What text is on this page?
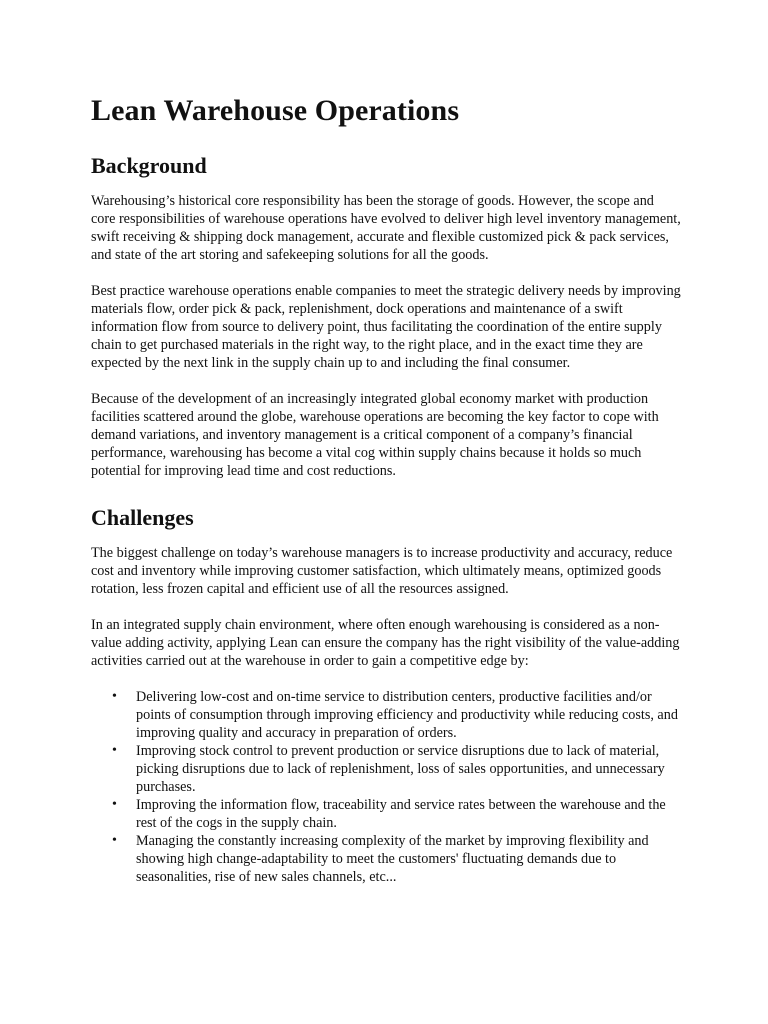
Lean Warehouse Operations
Background

Warehousing’s historical core responsibility has been the storage of goods. However, the scope and core responsibilities of warehouse operations have evolved to deliver high level inventory management, swift receiving & shipping dock management, accurate and flexible customized pick & pack services, and state of the art storing and safekeeping solutions for all the goods.

Best practice warehouse operations enable companies to meet the strategic delivery needs by improving materials flow, order pick & pack, replenishment, dock operations and maintenance of a swift information flow from source to delivery point, thus facilitating the coordination of the entire supply chain to get purchased materials in the right way, to the right place, and in the exact time they are expected by the next link in the supply chain up to and including the final consumer.

Because of the development of an increasingly integrated global economy market with production facilities scattered around the globe, warehouse operations are becoming the key factor to cope with demand variations, and inventory management is a critical component of a company’s financial performance, warehousing has become a vital cog within supply chains because it holds so much potential for improving lead time and cost reductions.

Challenges

The biggest challenge on today’s warehouse managers is to increase productivity and accuracy, reduce cost and inventory while improving customer satisfaction, which ultimately means, optimized goods rotation, less frozen capital and efficient use of all the resources assigned.

In an integrated supply chain environment, where often enough warehousing is considered as a non-value adding activity, applying Lean can ensure the company has the right visibility of the value-adding activities carried out at the warehouse in order to gain a competitive edge by:

• Delivering low-cost and on-time service to distribution centers, productive facilities and/or points of consumption through improving efficiency and productivity while reducing costs, and improving quality and accuracy in preparation of orders.
• Improving stock control to prevent production or service disruptions due to lack of material, picking disruptions due to lack of replenishment, loss of sales opportunities, and unnecessary purchases.
• Improving the information flow, traceability and service rates between the warehouse and the rest of the cogs in the supply chain.
• Managing the constantly increasing complexity of the market by improving flexibility and showing high change-adaptability to meet the customers' fluctuating demands due to seasonalities, rise of new sales channels, etc...
